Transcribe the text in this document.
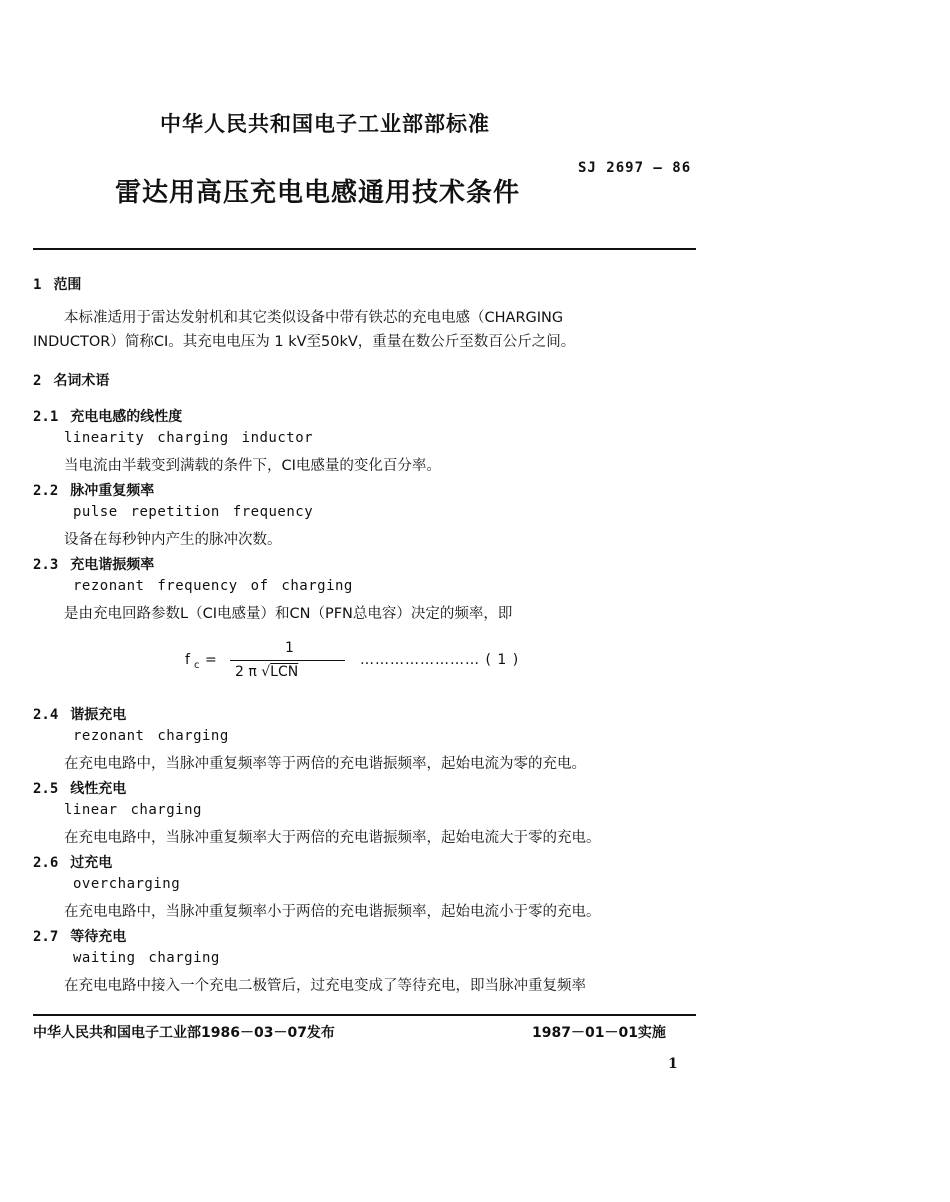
中华人民共和国电子工业部部标准
SJ 2697 — 86
雷达用高压充电电感通用技术条件
1 范围
本标准适用于雷达发射机和其它类似设备中带有铁芯的充电电感（CHARGING
INDUCTOR）简称CI。其充电电压为 1 kV至50kV，重量在数公斤至数百公斤之间。
2 名词术语
2.1 充电电感的线性度
linearity charging inductor
当电流由半载变到满载的条件下，CI电感量的变化百分率。
2.2 脉冲重复频率
pulse repetition frequency
设备在每秒钟内产生的脉冲次数。
2.3 充电谐振频率
rezonant frequency of charging
是由充电回路参数L（CI电感量）和CN（PFN总电容）决定的频率，即
f c =
1
2 π √LCN
…………………… ( 1 )
2.4 谐振充电
rezonant charging
在充电电路中，当脉冲重复频率等于两倍的充电谐振频率，起始电流为零的充电。
2.5 线性充电
linear charging
在充电电路中，当脉冲重复频率大于两倍的充电谐振频率，起始电流大于零的充电。
2.6 过充电
overcharging
在充电电路中，当脉冲重复频率小于两倍的充电谐振频率，起始电流小于零的充电。
2.7 等待充电
waiting charging
在充电电路中接入一个充电二极管后，过充电变成了等待充电，即当脉冲重复频率
中华人民共和国电子工业部1986－03－07发布	1987－01－01实施
1
